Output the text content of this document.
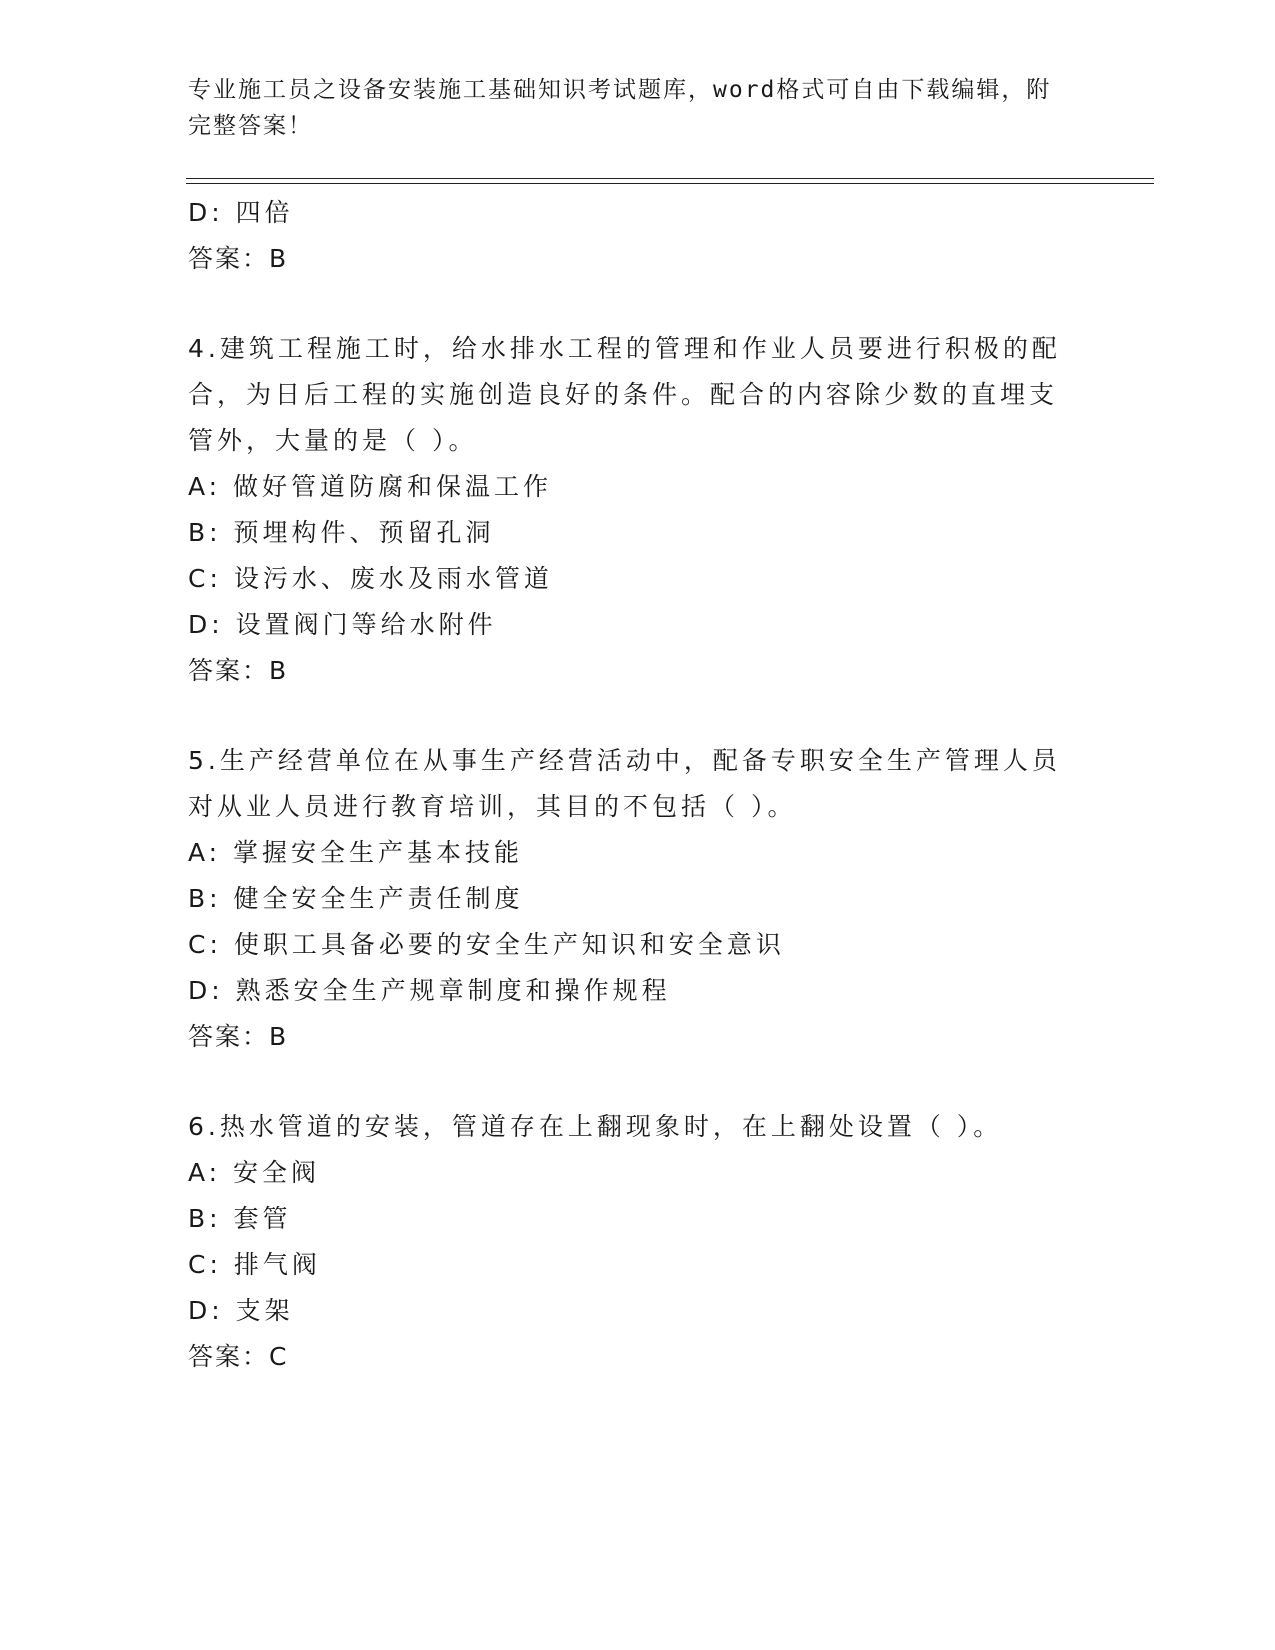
专业施工员之设备安装施工基础知识考试题库，word格式可自由下载编辑，附完整答案！
D: 四倍
答案：B
4.建筑工程施工时，给水排水工程的管理和作业人员要进行积极的配合，为日后工程的实施创造良好的条件。配合的内容除少数的直埋支管外，大量的是（ ）。
A: 做好管道防腐和保温工作
B: 预埋构件、预留孔洞
C: 设污水、废水及雨水管道
D: 设置阀门等给水附件
答案：B
5.生产经营单位在从事生产经营活动中，配备专职安全生产管理人员对从业人员进行教育培训，其目的不包括（ ）。
A: 掌握安全生产基本技能
B: 健全安全生产责任制度
C: 使职工具备必要的安全生产知识和安全意识
D: 熟悉安全生产规章制度和操作规程
答案：B
6.热水管道的安装，管道存在上翻现象时，在上翻处设置（ ）。
A: 安全阀
B: 套管
C: 排气阀
D: 支架
答案：C
